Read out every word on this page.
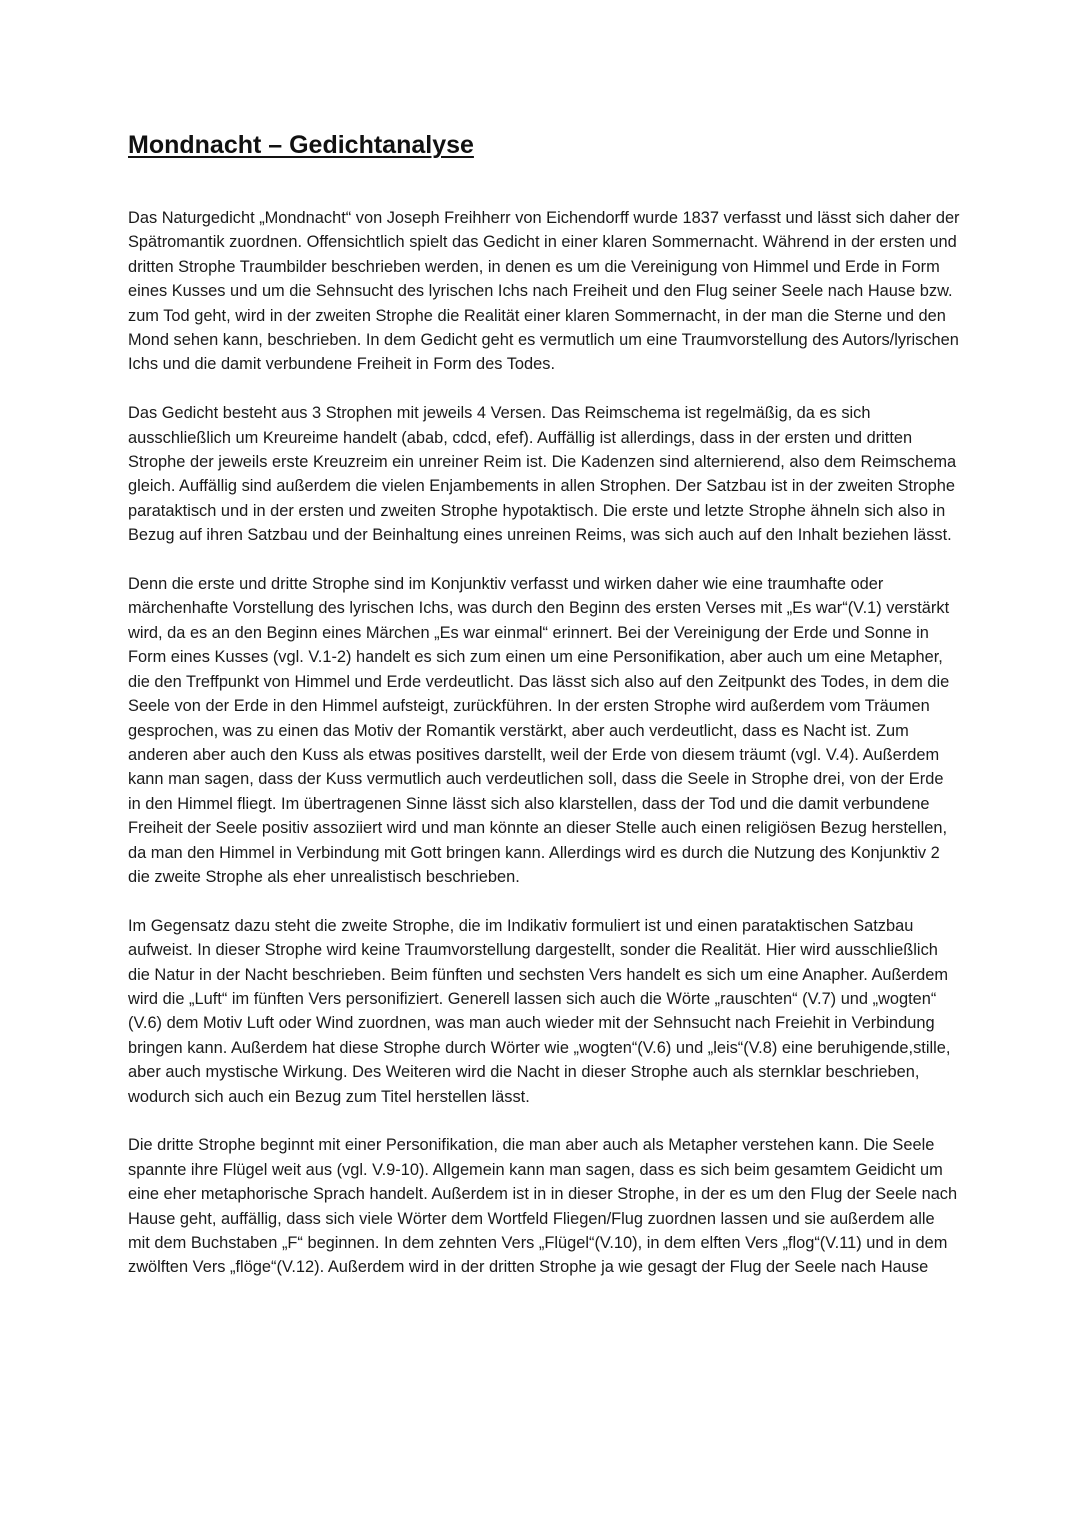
Mondnacht – Gedichtanalyse

Das Naturgedicht „Mondnacht“ von Joseph Freihherr von Eichendorff wurde 1837 verfasst und lässt sich daher der Spätromantik zuordnen. Offensichtlich spielt das Gedicht in einer klaren Sommernacht. Während in der ersten und dritten Strophe Traumbilder beschrieben werden, in denen es um die Vereinigung von Himmel und Erde in Form eines Kusses und um die Sehnsucht des lyrischen Ichs nach Freiheit und den Flug seiner Seele nach Hause bzw. zum Tod geht, wird in der zweiten Strophe die Realität einer klaren Sommernacht, in der man die Sterne und den Mond sehen kann, beschrieben. In dem Gedicht geht es vermutlich um eine Traumvorstellung des Autors/lyrischen Ichs und die damit verbundene Freiheit in Form des Todes.

Das Gedicht besteht aus 3 Strophen mit jeweils 4 Versen. Das Reimschema ist regelmäßig, da es sich ausschließlich um Kreureime handelt (abab, cdcd, efef). Auffällig ist allerdings, dass in der ersten und dritten Strophe der jeweils erste Kreuzreim ein unreiner Reim ist. Die Kadenzen sind alternierend, also dem Reimschema gleich. Auffällig sind außerdem die vielen Enjambements in allen Strophen. Der Satzbau ist in der zweiten Strophe parataktisch und in der ersten und zweiten Strophe hypotaktisch. Die erste und letzte Strophe ähneln sich also in Bezug auf ihren Satzbau und der Beinhaltung eines unreinen Reims, was sich auch auf den Inhalt beziehen lässt.

Denn die erste und dritte Strophe sind im Konjunktiv verfasst und wirken daher wie eine traumhafte oder märchenhafte Vorstellung des lyrischen Ichs, was durch den Beginn des ersten Verses mit „Es war“(V.1) verstärkt wird, da es an den Beginn eines Märchen „Es war einmal“ erinnert. Bei der Vereinigung der Erde und Sonne in Form eines Kusses (vgl. V.1-2) handelt es sich zum einen um eine Personifikation, aber auch um eine Metapher, die den Treffpunkt von Himmel und Erde verdeutlicht. Das lässt sich also auf den Zeitpunkt des Todes, in dem die Seele von der Erde in den Himmel aufsteigt, zurückführen. In der ersten Strophe wird außerdem vom Träumen gesprochen, was zu einen das Motiv der Romantik verstärkt, aber auch verdeutlicht, dass es Nacht ist. Zum anderen aber auch den Kuss als etwas positives darstellt, weil der Erde von diesem träumt (vgl. V.4). Außerdem kann man sagen, dass der Kuss vermutlich auch verdeutlichen soll, dass die Seele in Strophe drei, von der Erde in den Himmel fliegt. Im übertragenen Sinne lässt sich also klarstellen, dass der Tod und die damit verbundene Freiheit der Seele positiv assoziiert wird und man könnte an dieser Stelle auch einen religiösen Bezug herstellen, da man den Himmel in Verbindung mit Gott bringen kann. Allerdings wird es durch die Nutzung des Konjunktiv 2 die zweite Strophe als eher unrealistisch beschrieben.

Im Gegensatz dazu steht die zweite Strophe, die im Indikativ formuliert ist und einen parataktischen Satzbau aufweist. In dieser Strophe wird keine Traumvorstellung dargestellt, sonder die Realität. Hier wird ausschließlich die Natur in der Nacht beschrieben. Beim fünften und sechsten Vers handelt es sich um eine Anapher. Außerdem wird die „Luft“ im fünften Vers personifiziert. Generell lassen sich auch die Wörte „rauschten“ (V.7) und „wogten“ (V.6) dem Motiv Luft oder Wind zuordnen, was man auch wieder mit der Sehnsucht nach Freiehit in Verbindung bringen kann. Außerdem hat diese Strophe durch Wörter wie „wogten“(V.6) und „leis“(V.8) eine beruhigende,stille, aber auch mystische Wirkung. Des Weiteren wird die Nacht in dieser Strophe auch als sternklar beschrieben, wodurch sich auch ein Bezug zum Titel herstellen lässt.

Die dritte Strophe beginnt mit einer Personifikation, die man aber auch als Metapher verstehen kann. Die Seele spannte ihre Flügel weit aus (vgl. V.9-10). Allgemein kann man sagen, dass es sich beim gesamtem Geidicht um eine eher metaphorische Sprach handelt. Außerdem ist in in dieser Strophe, in der es um den Flug der Seele nach Hause geht, auffällig, dass sich viele Wörter dem Wortfeld Fliegen/Flug zuordnen lassen und sie außerdem alle mit dem Buchstaben „F“ beginnen. In dem zehnten Vers „Flügel“(V.10), in dem elften Vers „flog“(V.11) und in dem zwölften Vers „flöge“(V.12). Außerdem wird in der dritten Strophe ja wie gesagt der Flug der Seele nach Hause
